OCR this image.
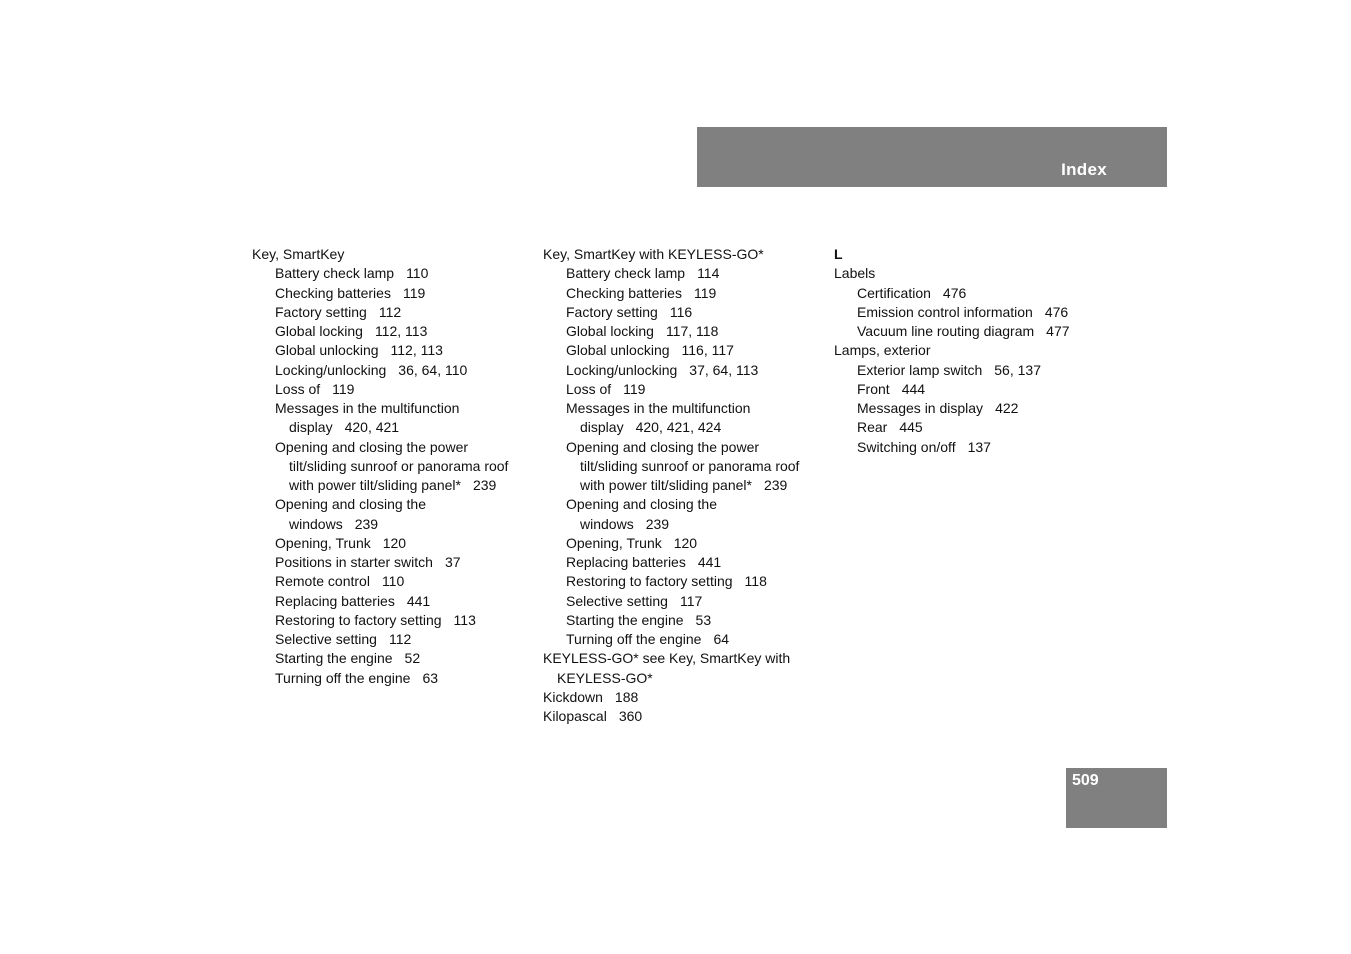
Index
Key, SmartKey
Battery check lamp 110
Checking batteries 119
Factory setting 112
Global locking 112, 113
Global unlocking 112, 113
Locking/unlocking 36, 64, 110
Loss of 119
Messages in the multifunction
display 420, 421
Opening and closing the power
tilt/sliding sunroof or panorama roof
with power tilt/sliding panel* 239
Opening and closing the
windows 239
Opening, Trunk 120
Positions in starter switch 37
Remote control 110
Replacing batteries 441
Restoring to factory setting 113
Selective setting 112
Starting the engine 52
Turning off the engine 63
Key, SmartKey with KEYLESS-GO*
Battery check lamp 114
Checking batteries 119
Factory setting 116
Global locking 117, 118
Global unlocking 116, 117
Locking/unlocking 37, 64, 113
Loss of 119
Messages in the multifunction
display 420, 421, 424
Opening and closing the power
tilt/sliding sunroof or panorama roof
with power tilt/sliding panel* 239
Opening and closing the
windows 239
Opening, Trunk 120
Replacing batteries 441
Restoring to factory setting 118
Selective setting 117
Starting the engine 53
Turning off the engine 64
KEYLESS-GO* see Key, SmartKey with
KEYLESS-GO*
Kickdown 188
Kilopascal 360
L
Labels
Certification 476
Emission control information 476
Vacuum line routing diagram 477
Lamps, exterior
Exterior lamp switch 56, 137
Front 444
Messages in display 422
Rear 445
Switching on/off 137
509
